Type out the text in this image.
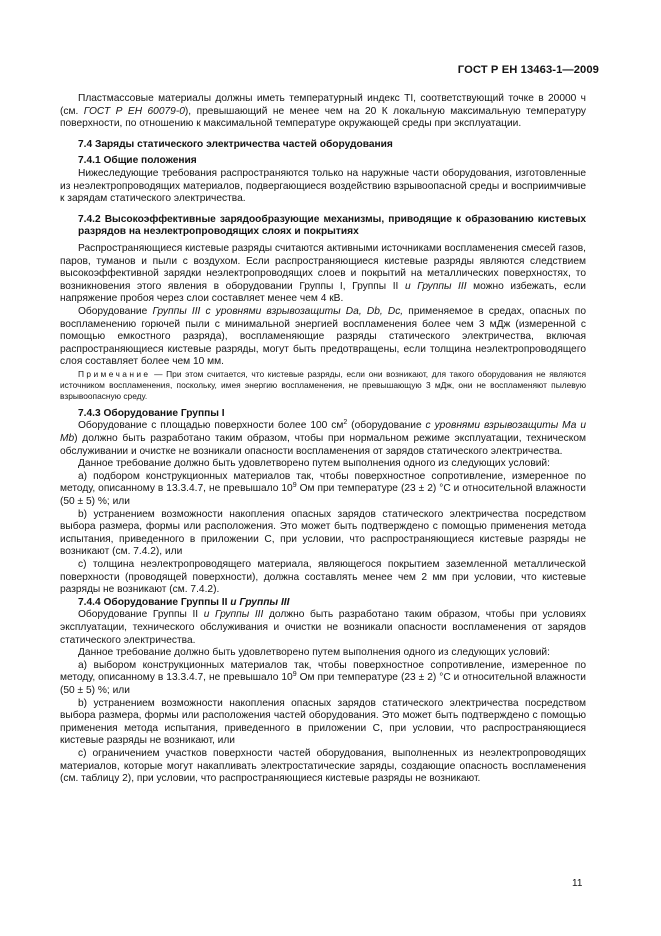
ГОСТ Р ЕН 13463-1—2009

Пластмассовые материалы должны иметь температурный индекс TI, соответствующий точке в 20000 ч (см. ГОСТ Р ЕН 60079-0), превышающий не менее чем на 20 К локальную максимальную температуру поверхности, по отношению к максимальной температуре окружающей среды при эксплуатации.

7.4 Заряды статического электричества частей оборудования

7.4.1 Общие положения

Нижеследующие требования распространяются только на наружные части оборудования, изготовленные из неэлектропроводящих материалов, подвергающиеся воздействию взрывоопасной среды и восприимчивые к зарядам статического электричества.

7.4.2 Высокоэффективные зарядообразующие механизмы, приводящие к образованию кистевых разрядов на неэлектропроводящих слоях и покрытиях

Распространяющиеся кистевые разряды считаются активными источниками воспламенения смесей газов, паров, туманов и пыли с воздухом. Если распространяющиеся кистевые разряды являются следствием высокоэффективной зарядки неэлектропроводящих слоев и покрытий на металлических поверхностях, то возникновения этого явления в оборудовании Группы I, Группы II и Группы III можно избежать, если напряжение пробоя через слои составляет менее чем 4 кВ.

Оборудование Группы III с уровнями взрывозащиты Da, Db, Dc, применяемое в средах, опасных по воспламенению горючей пыли с минимальной энергией воспламенения более чем 3 мДж (измеренной с помощью емкостного разряда), воспламеняющие разряды статического электричества, включая распространяющиеся кистевые разряды, могут быть предотвращены, если толщина неэлектропроводящего слоя составляет более чем 10 мм.

Примечание — При этом считается, что кистевые разряды, если они возникают, для такого оборудования не являются источником воспламенения, поскольку, имея энергию воспламенения, не превышающую 3 мДж, они не воспламеняют пылевую взрывоопасную среду.

7.4.3 Оборудование Группы I

Оборудование с площадью поверхности более 100 $см^2$ (оборудование с уровнями взрывозащиты Ма и Mb) должно быть разработано таким образом, чтобы при нормальном режиме эксплуатации, техническом обслуживании и очистке не возникали опасности воспламенения от зарядов статического электричества.

Данное требование должно быть удовлетворено путем выполнения одного из следующих условий:

а) подбором конструкционных материалов так, чтобы поверхностное сопротивление, измеренное по методу, описанному в 13.3.4.7, не превышало $10^9$ Ом при температуре (23 ± 2) °С и относительной влажности (50 ± 5) %; или

b) устранением возможности накопления опасных зарядов статического электричества посредством выбора размера, формы или расположения. Это может быть подтверждено с помощью применения метода испытания, приведенного в приложении С, при условии, что распространяющиеся кистевые разряды не возникают (см. 7.4.2), или

с) толщина неэлектропроводящего материала, являющегося покрытием заземленной металлической поверхности (проводящей поверхности), должна составлять менее чем 2 мм при условии, что кистевые разряды не возникают (см. 7.4.2).

7.4.4 Оборудование Группы II и Группы III

Оборудование Группы II и Группы III должно быть разработано таким образом, чтобы при условиях эксплуатации, технического обслуживания и очистки не возникали опасности воспламенения от зарядов статического электричества.

Данное требование должно быть удовлетворено путем выполнения одного из следующих условий:

а) выбором конструкционных материалов так, чтобы поверхностное сопротивление, измеренное по методу, описанному в 13.3.4.7, не превышало $10^9$ Ом при температуре (23 ± 2) °С и относительной влажности (50 ± 5) %; или

b) устранением возможности накопления опасных зарядов статического электричества посредством выбора размера, формы или расположения частей оборудования. Это может быть подтверждено с помощью применения метода испытания, приведенного в приложении С, при условии, что распространяющиеся кистевые разряды не возникают, или

с) ограничением участков поверхности частей оборудования, выполненных из неэлектропроводящих материалов, которые могут накапливать электростатические заряды, создающие опасность воспламенения (см. таблицу 2), при условии, что распространяющиеся кистевые разряды не возникают.

11
